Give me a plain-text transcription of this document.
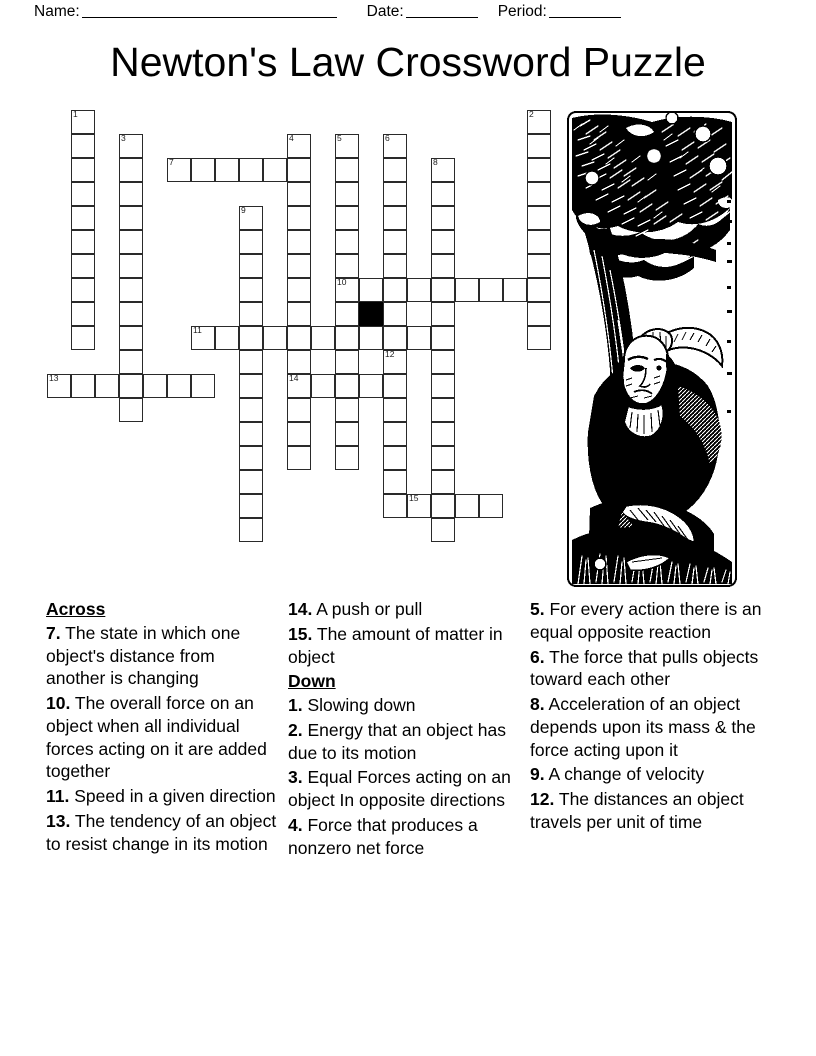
Name:	Date:	Period:
Newton's Law Crossword Puzzle
1	2
3	4	5	6
7	8
9
10
11
12
13	14
15
Across
7. The state in which one object's distance from another is changing
10. The overall force on an object when all individual forces acting on it are added together
11. Speed in a given direction
13. The tendency of an object to resist change in its motion
14. A push or pull
15. The amount of matter in object
Down
1. Slowing down
2. Energy that an object has due to its motion
3. Equal Forces acting on an object In opposite directions
4. Force that produces a nonzero net force
5. For every action there is an equal opposite reaction
6. The force that pulls objects toward each other
8. Acceleration of an object depends upon its mass & the force acting upon it
9. A change of velocity
12. The distances an object travels per unit of time
